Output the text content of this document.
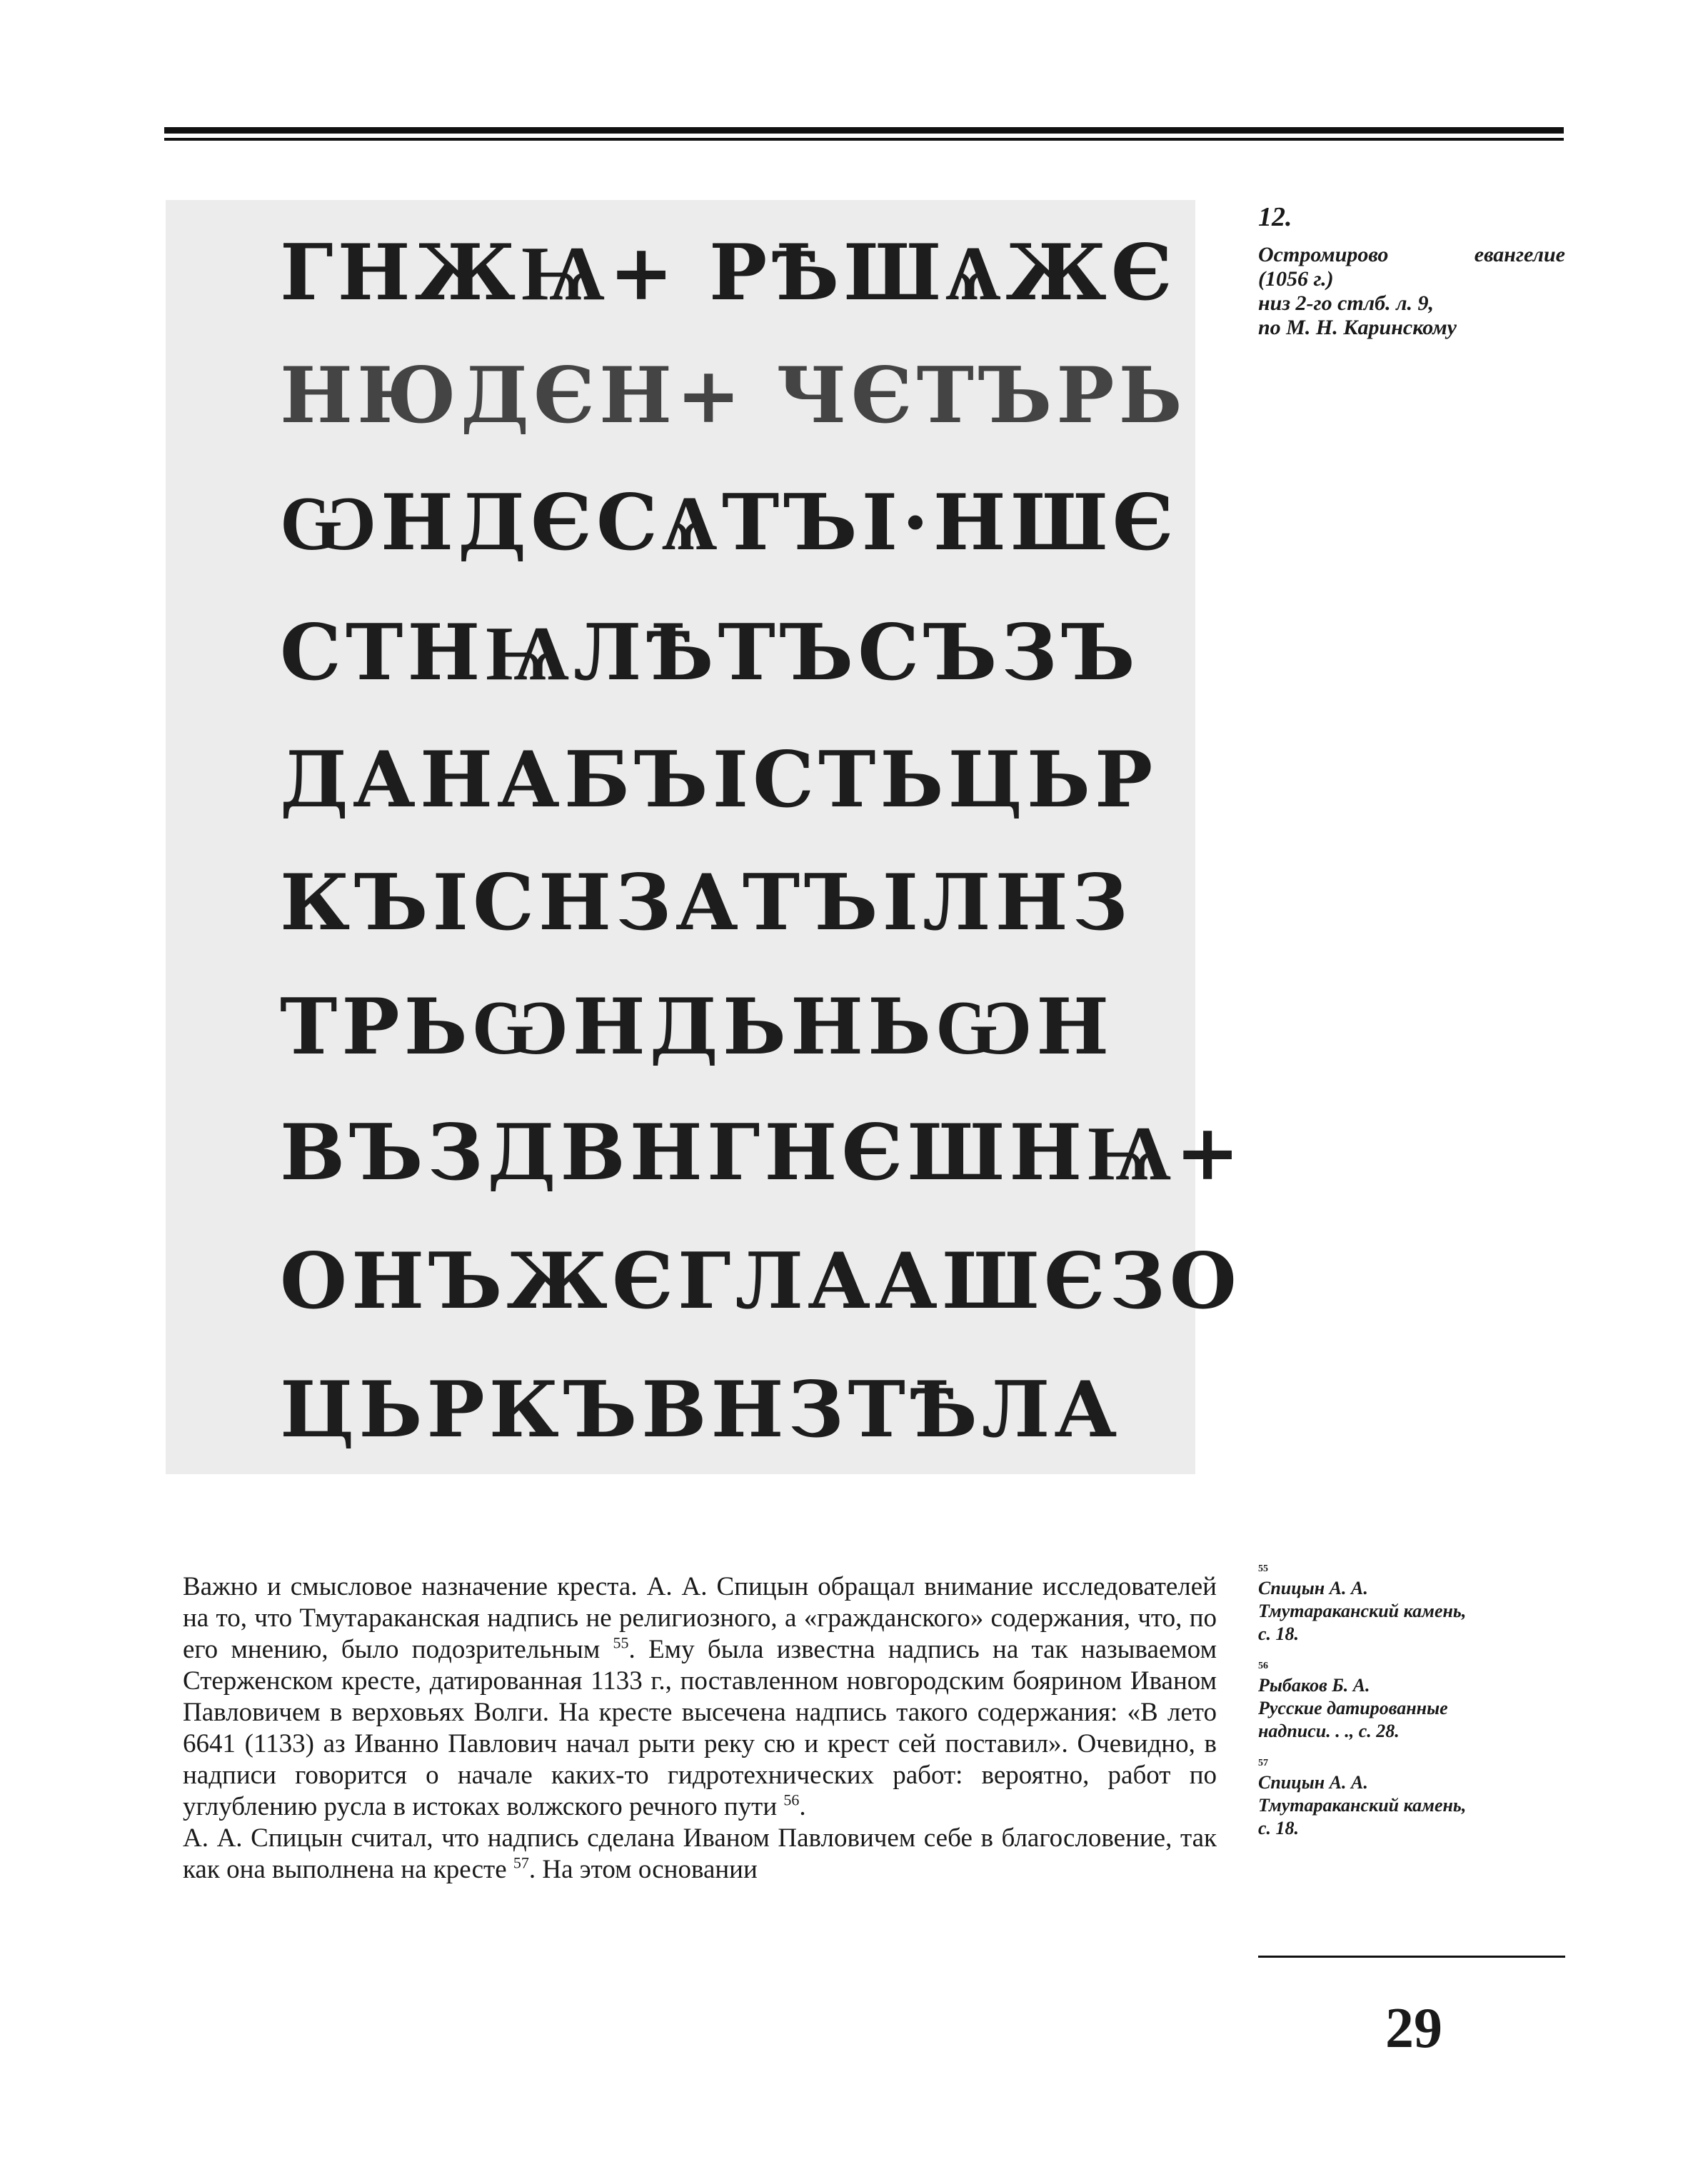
ГНЖѨ+ РѢШѦЖЄ
НЮДЄН+ ЧЄТЪРЬ
ѠНДЄСѦТЪІ·НШЄ
СТНѨЛѢТЪСЪЗЪ
ДАНАБЪІСТЬЦЬР
КЪІСНЗАТЪІЛНЗ
ТРЬѠНДЬНЬѠН
ВЪЗДВНГНЄШНѨ+
ОНЪЖЄГЛААШЄЗО
ЦЬРКЪВНЗТѢЛА
12.
Остромирово	евангелие
(1056 г.)
низ 2-го стлб. л. 9,
по М. Н. Каринскому

Важно и смысловое назначение креста. А. А. Спицын обращал внимание исследователей на то, что Тмутараканская надпись не религиозного, а «гражданского» содержания, что, по его мнению, было подозрительным $^{55}$. Ему была известна надпись на так называемом Стерженском кресте, датированная 1133 г., поставленном новгородским боярином Иваном Павловичем в верховьях Волги. На кресте высечена надпись такого содержания: «В лето 6641 (1133) аз Иванно Павлович начал рыти реку сю и крест сей поставил». Очевидно, в надписи говорится о начале каких-то гидротехнических работ: вероятно, работ по углублению русла в истоках волжского речного пути $^{56}$.

А. А. Спицын считал, что надпись сделана Иваном Павловичем себе в благословение, так как она выполнена на кресте $^{57}$. На этом основании

55
Спицын А. А.
Тмутараканский камень,
с. 18.
56
Рыбаков Б. А.
Русские датированные
надписи. . ., с. 28.
57
Спицын А. А.
Тмутараканский камень,
с. 18.
29
